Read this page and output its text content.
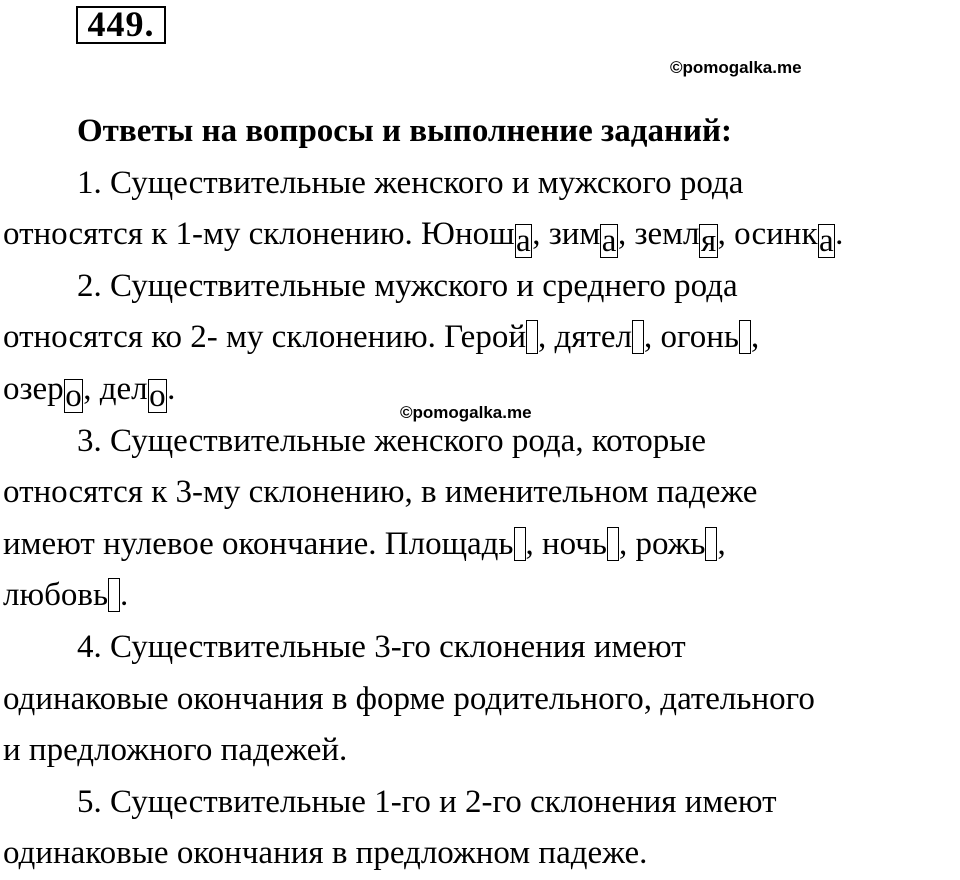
449.
©pomogalka.me

Ответы на вопросы и выполнение заданий:

1. Существительные женского и мужского рода
относятся к 1-му склонению. Юноша, зима, земля, осинка.

2. Существительные мужского и среднего рода
относятся ко 2- му склонению. Герой , дятел , огонь ,
озеро, дело.

3. Существительные женского рода, которые
относятся к 3-му склонению, в именительном падеже
имеют нулевое окончание. Площадь , ночь , рожь ,
любовь .

4. Существительные 3-го склонения имеют
одинаковые окончания в форме родительного, дательного
и предложного падежей.

5. Существительные 1-го и 2-го склонения имеют
одинаковые окончания в предложном падеже.

©pomogalka.me
